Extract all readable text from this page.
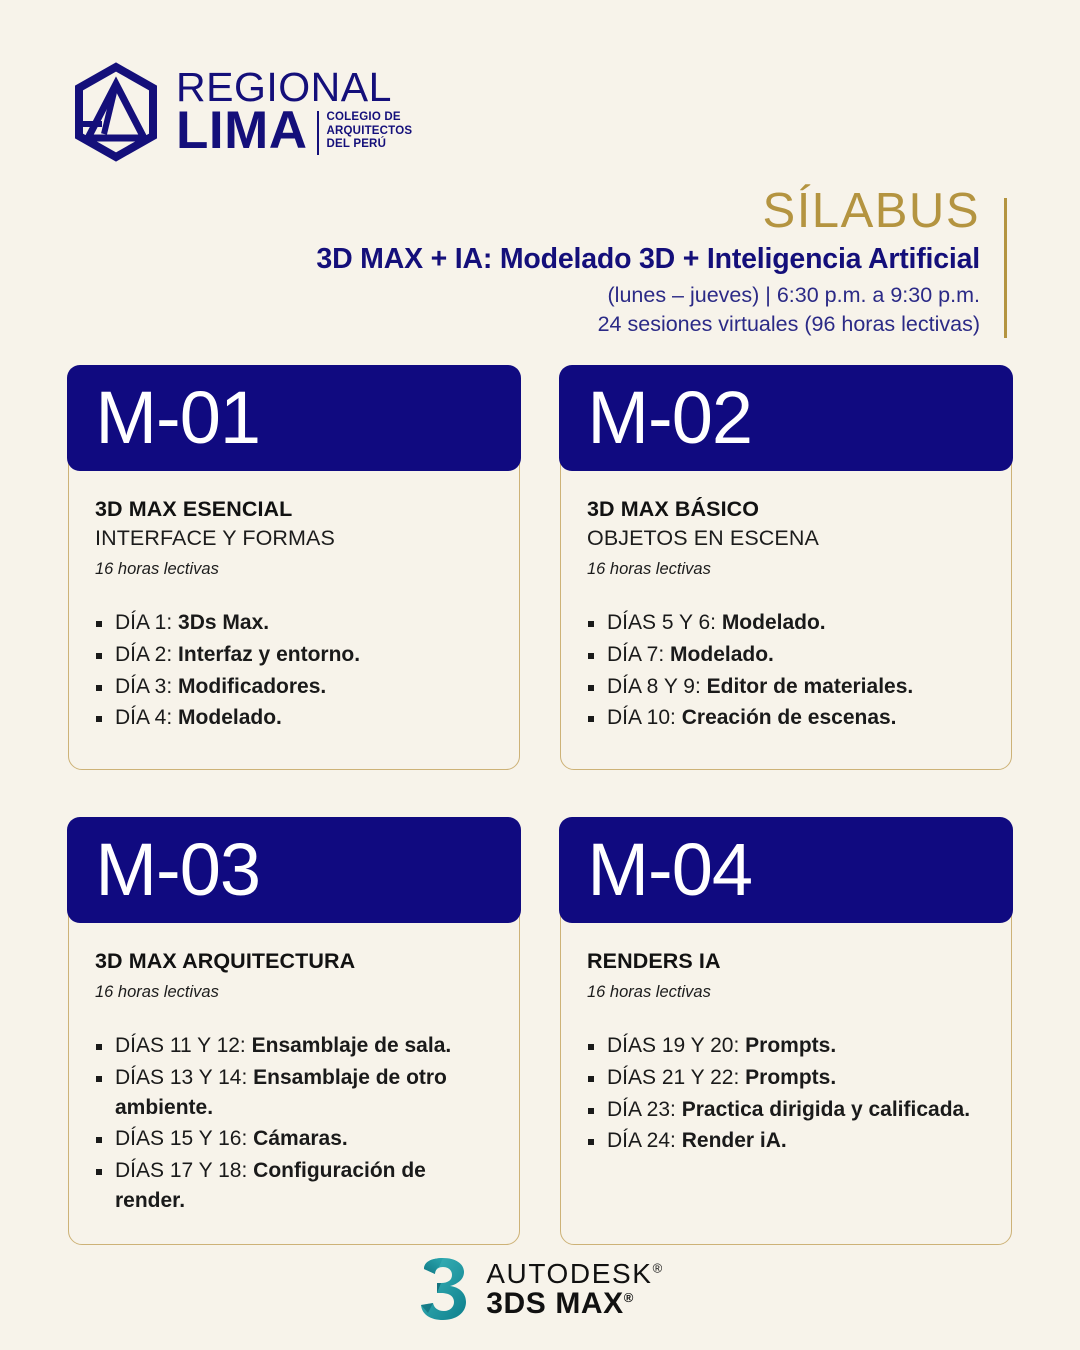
REGIONAL
LIMA COLEGIO DE
ARQUITECTOS
DEL PERÚ
SÍLABUS
3D MAX + IA: Modelado 3D + Inteligencia Artificial
(lunes – jueves) | 6:30 p.m. a 9:30 p.m.
24 sesiones virtuales (96 horas lectivas)
M-01
3D MAX ESENCIAL
INTERFACE Y FORMAS
16 horas lectivas
DÍA 1: 3Ds Max.
DÍA 2: Interfaz y entorno.
DÍA 3: Modificadores.
DÍA 4: Modelado.
M-02
3D MAX BÁSICO
OBJETOS EN ESCENA
16 horas lectivas
DÍAS 5 Y 6: Modelado.
DÍA 7: Modelado.
DÍA 8 Y 9: Editor de materiales.
DÍA 10: Creación de escenas.
M-03
3D MAX ARQUITECTURA
16 horas lectivas
DÍAS 11 Y 12: Ensamblaje de sala.
DÍAS 13 Y 14: Ensamblaje de otro ambiente.
DÍAS 15 Y 16: Cámaras.
DÍAS 17 Y 18: Configuración de render.
M-04
RENDERS IA
16 horas lectivas
DÍAS 19 Y 20: Prompts.
DÍAS 21 Y 22: Prompts.
DÍA 23: Practica dirigida y calificada.
DÍA 24: Render iA.
AUTODESK®
3DS MAX®
